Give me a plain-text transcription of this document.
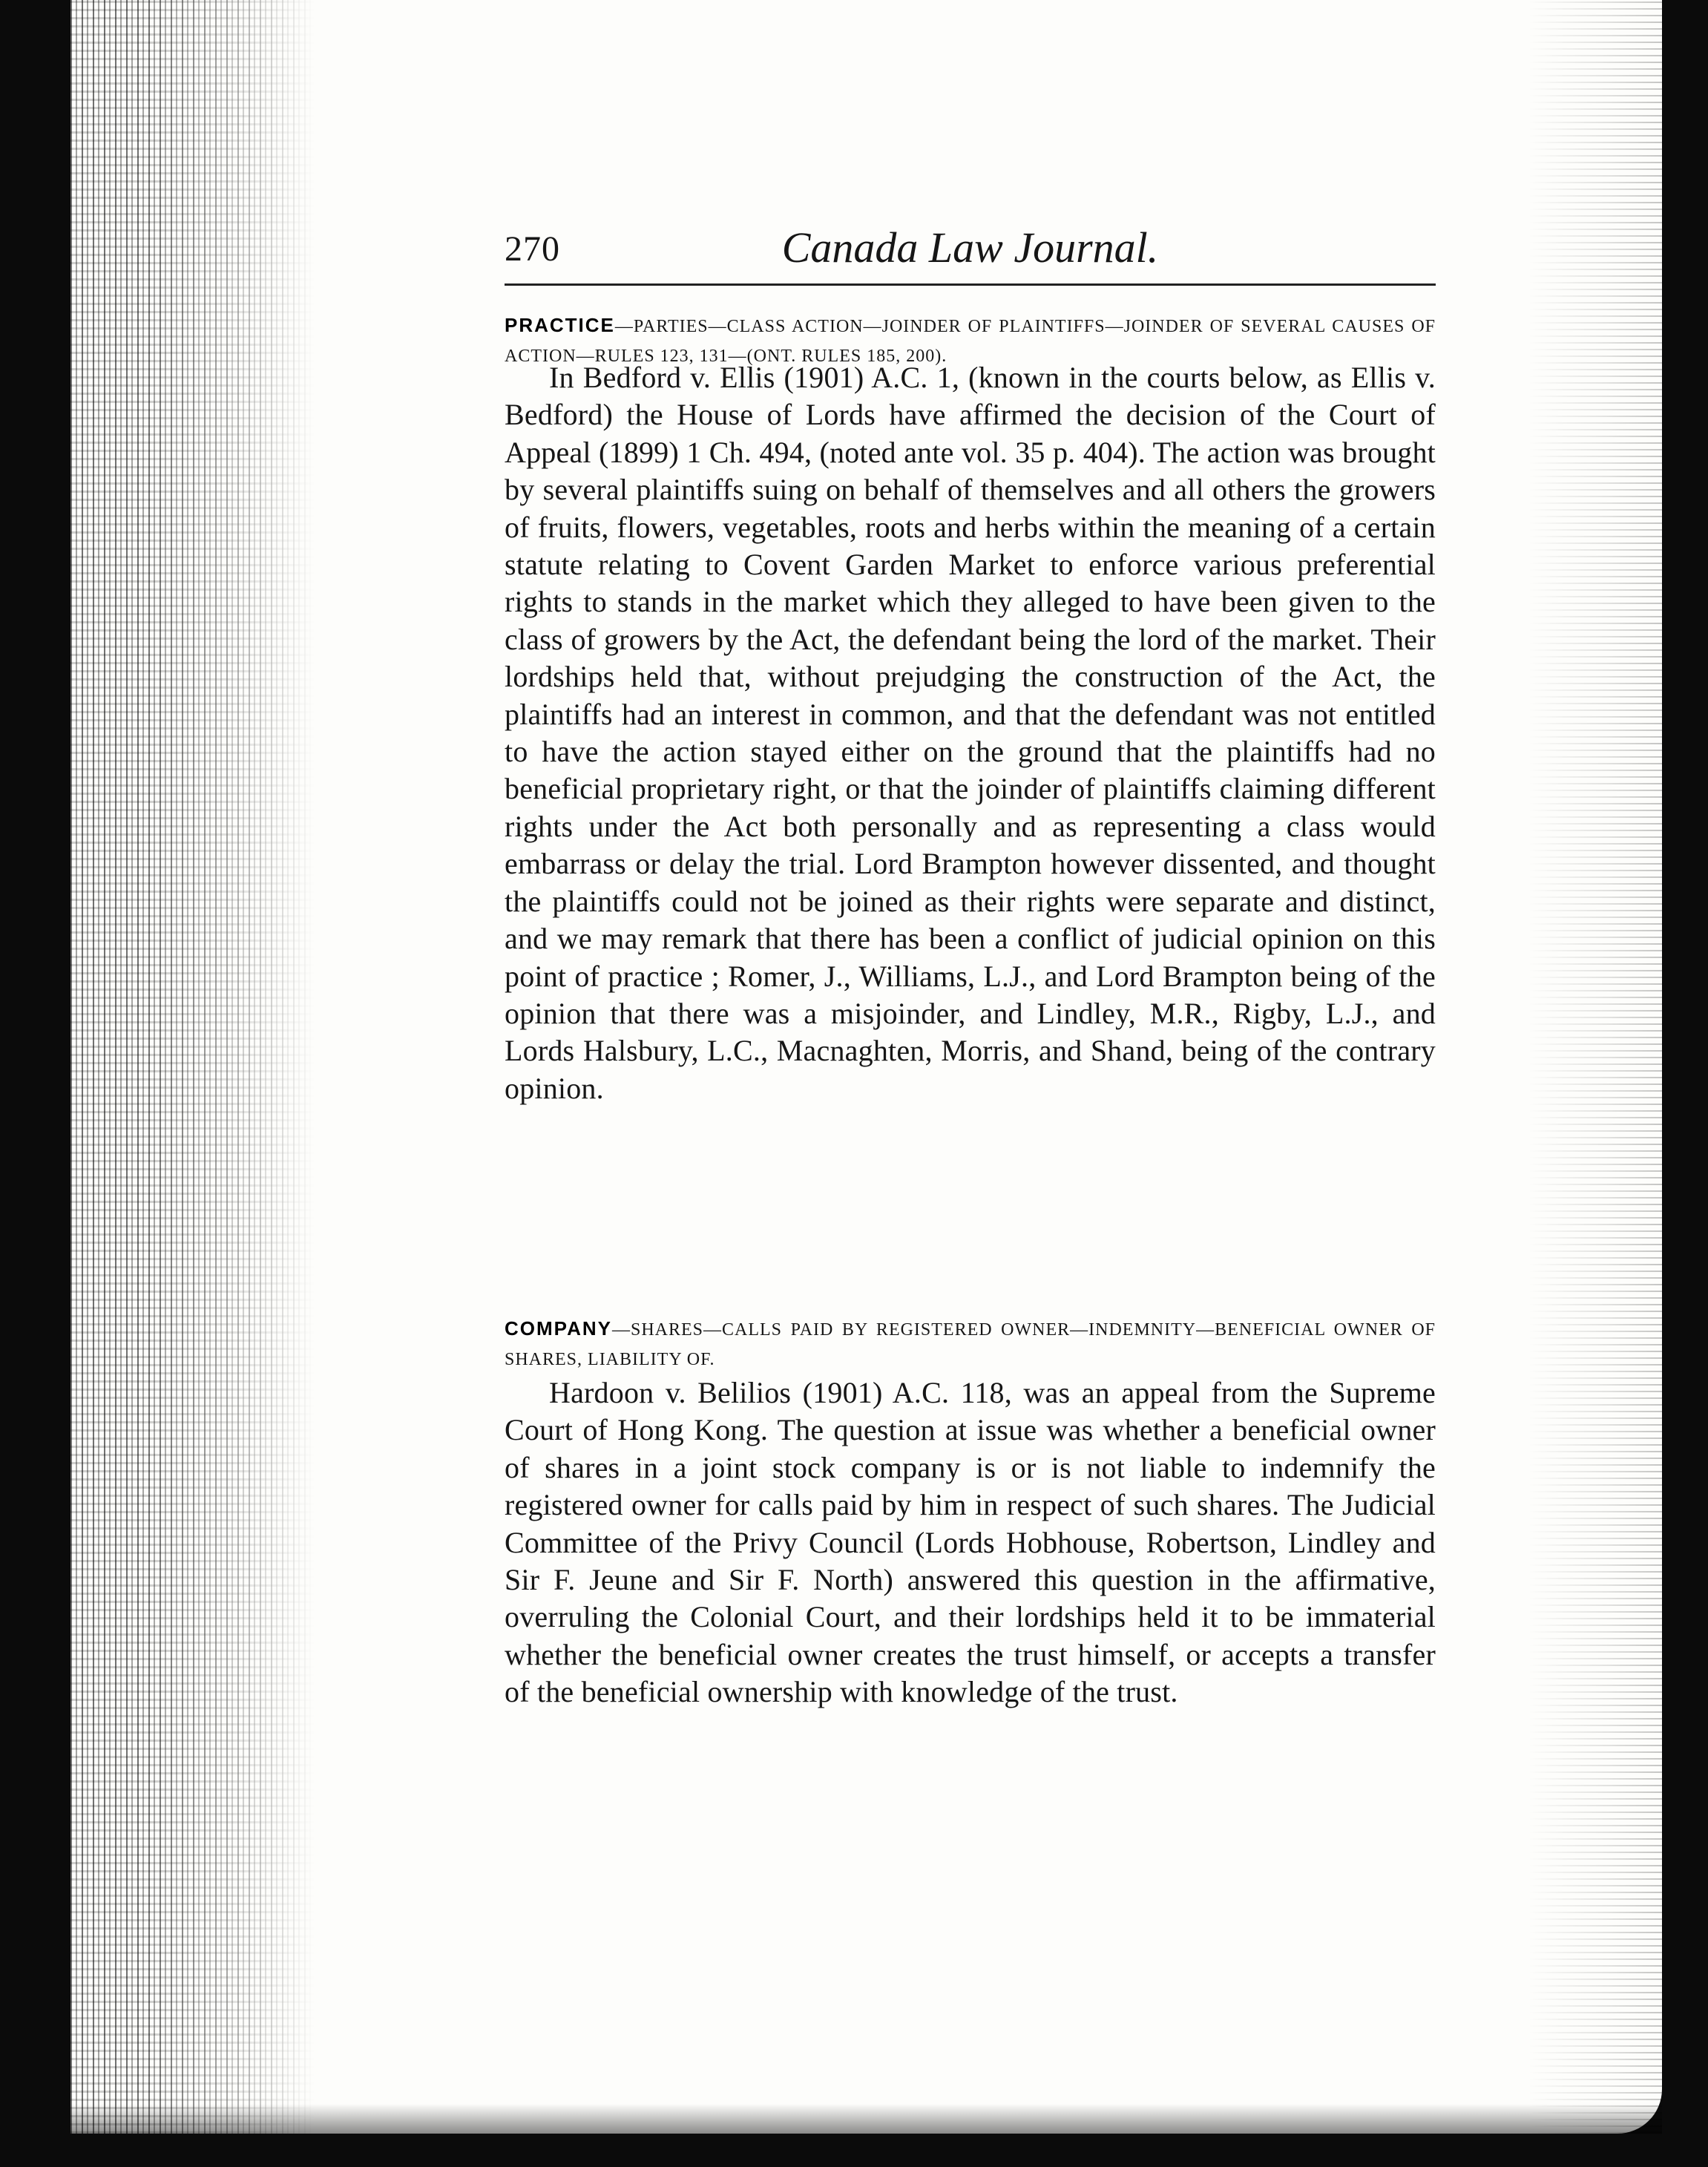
270	Canada Law Journal.
PRACTICE—PARTIES—CLASS ACTION—JOINDER OF PLAINTIFFS—JOINDER OF SEVERAL CAUSES OF ACTION—RULES 123, 131—(ONT. RULES 185, 200).

In Bedford v. Ellis (1901) A.C. 1, (known in the courts below, as Ellis v. Bedford) the House of Lords have affirmed the decision of the Court of Appeal (1899) 1 Ch. 494, (noted ante vol. 35 p. 404). The action was brought by several plaintiffs suing on behalf of themselves and all others the growers of fruits, flowers, vegetables, roots and herbs within the meaning of a certain statute relating to Covent Garden Market to enforce various preferential rights to stands in the market which they alleged to have been given to the class of growers by the Act, the defendant being the lord of the market. Their lordships held that, without prejudging the construction of the Act, the plaintiffs had an interest in common, and that the defendant was not entitled to have the action stayed either on the ground that the plaintiffs had no beneficial proprietary right, or that the joinder of plaintiffs claiming different rights under the Act both personally and as representing a class would embarrass or delay the trial. Lord Brampton however dissented, and thought the plaintiffs could not be joined as their rights were separate and distinct, and we may remark that there has been a conflict of judicial opinion on this point of practice ; Romer, J., Williams, L.J., and Lord Brampton being of the opinion that there was a misjoinder, and Lindley, M.R., Rigby, L.J., and Lords Halsbury, L.C., Macnaghten, Morris, and Shand, being of the contrary opinion.

COMPANY—SHARES—CALLS PAID BY REGISTERED OWNER—INDEMNITY—BENEFICIAL OWNER OF SHARES, LIABILITY OF.

Hardoon v. Belilios (1901) A.C. 118, was an appeal from the Supreme Court of Hong Kong. The question at issue was whether a beneficial owner of shares in a joint stock company is or is not liable to indemnify the registered owner for calls paid by him in respect of such shares. The Judicial Committee of the Privy Council (Lords Hobhouse, Robertson, Lindley and Sir F. Jeune and Sir F. North) answered this question in the affirmative, overruling the Colonial Court, and their lordships held it to be immaterial whether the beneficial owner creates the trust himself, or accepts a transfer of the beneficial ownership with knowledge of the trust.
